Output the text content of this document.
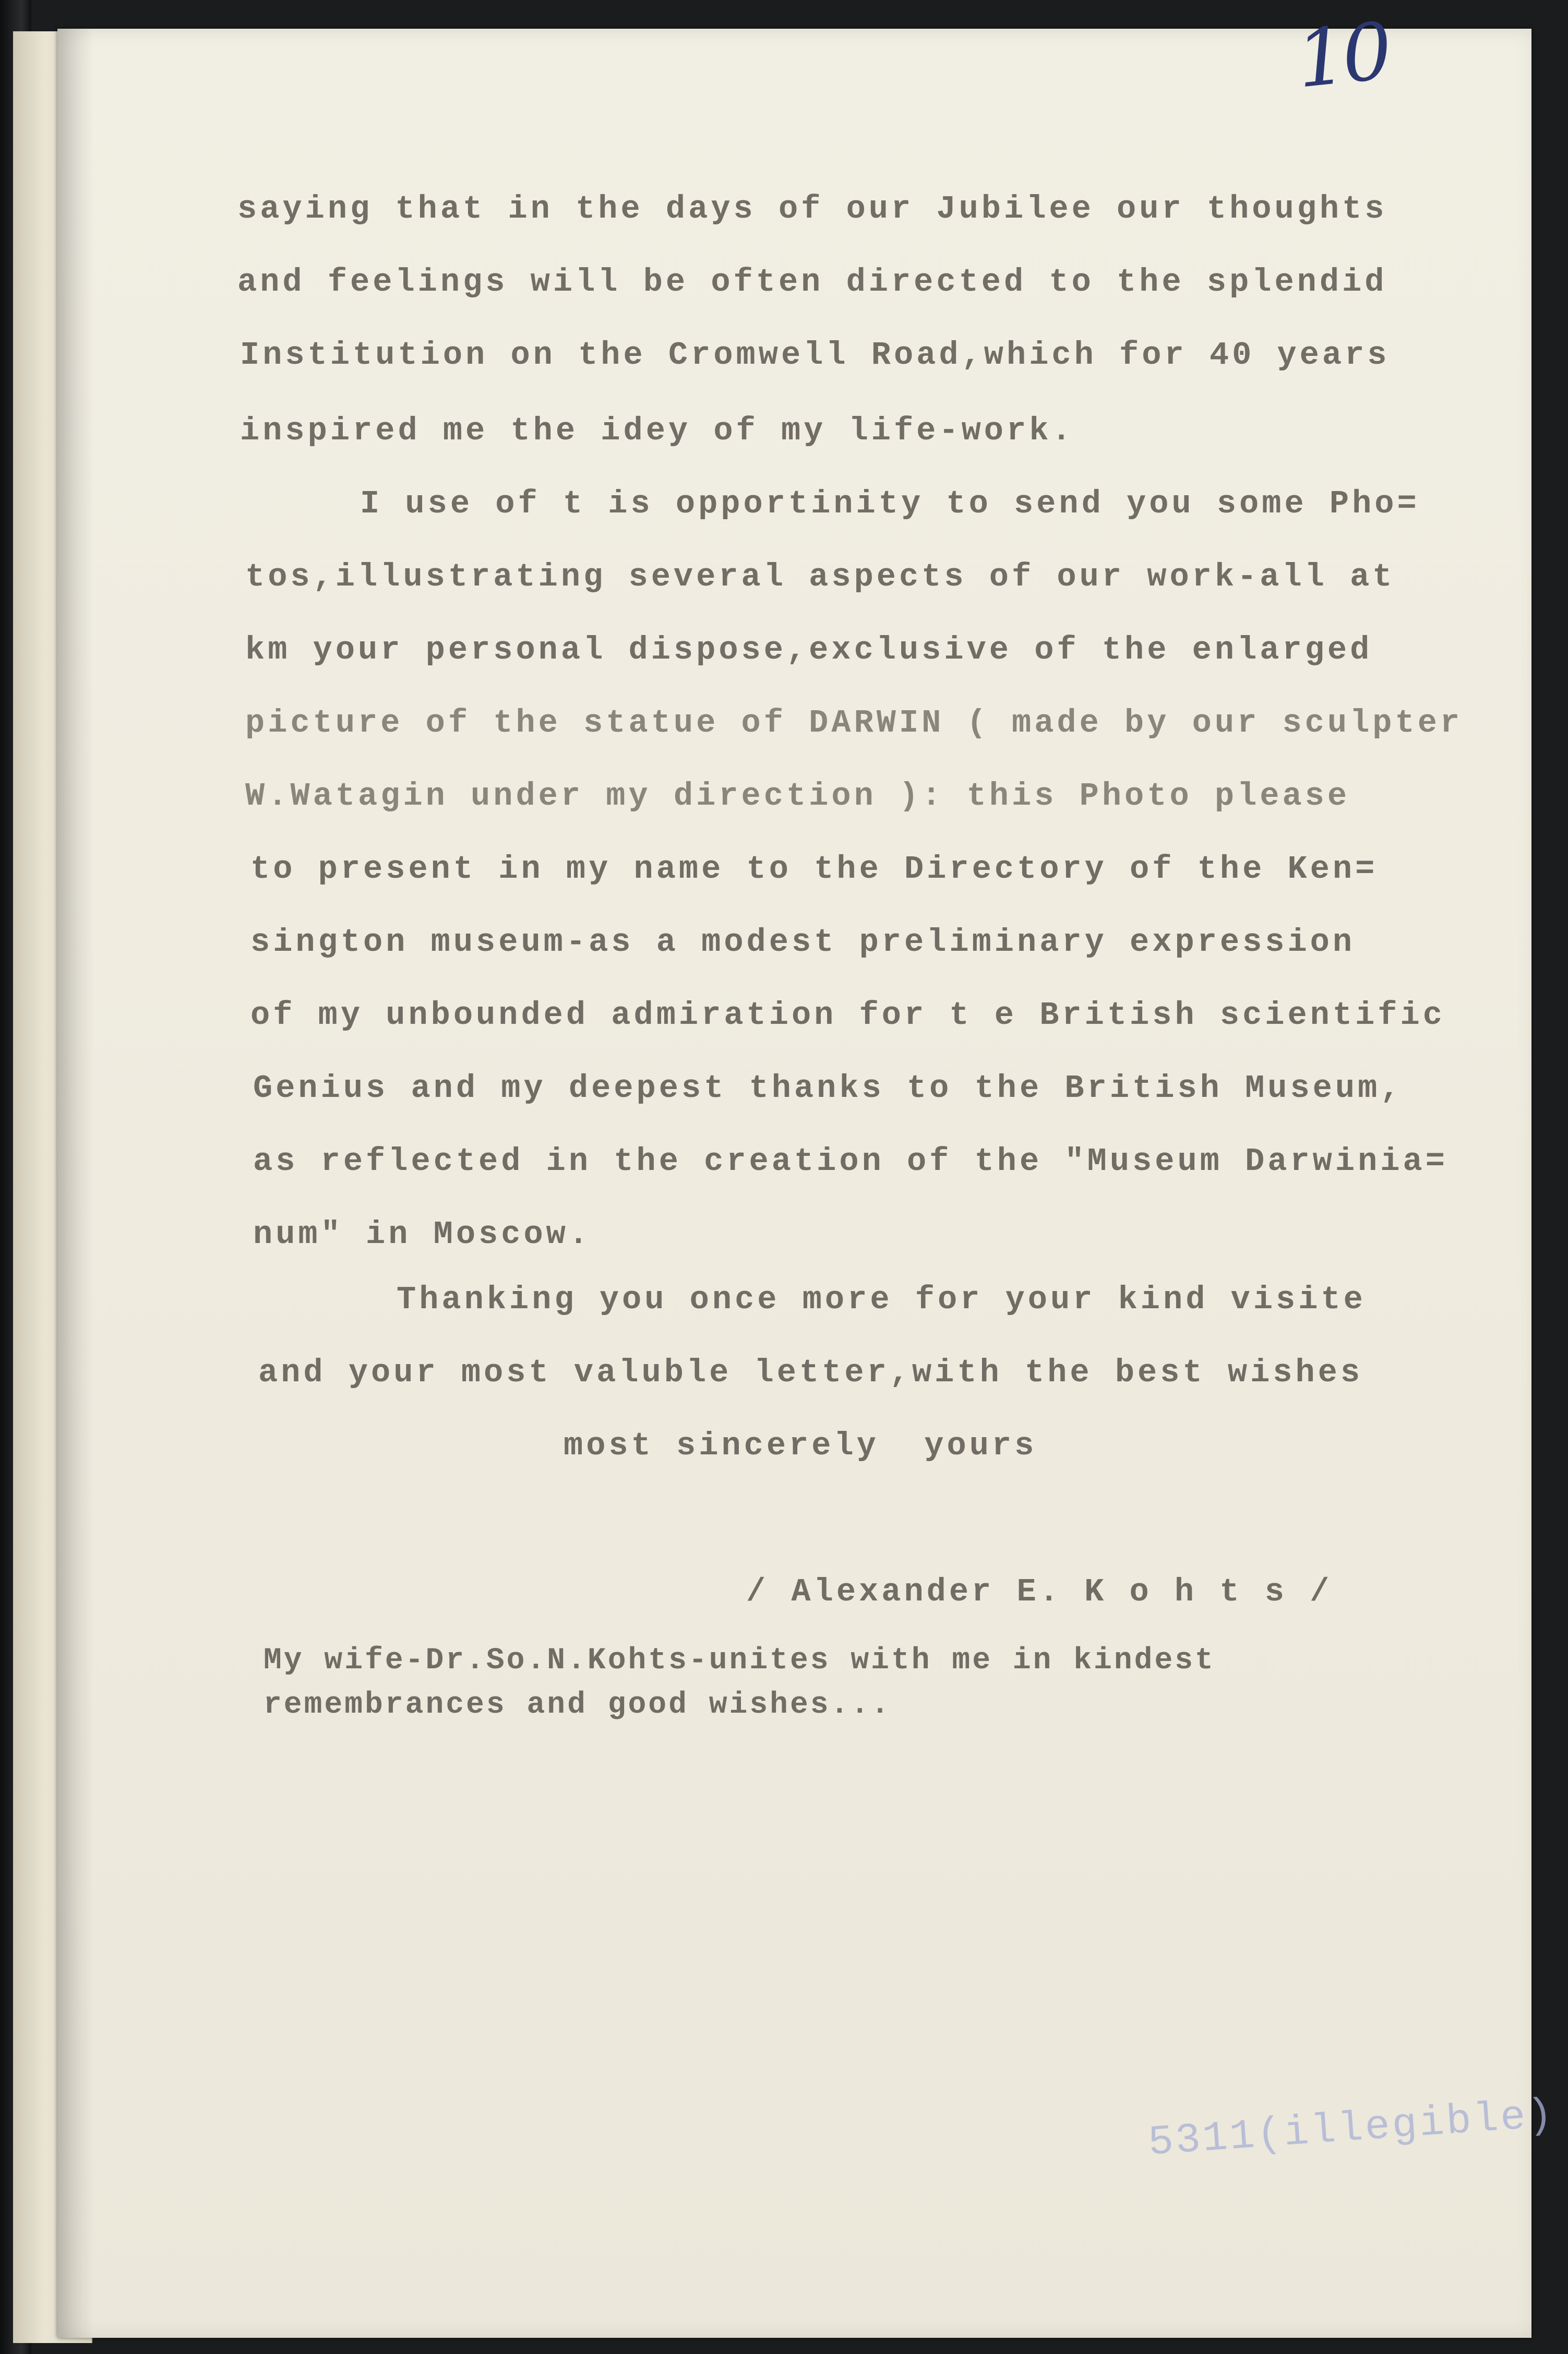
10
saying that in the days of our Jubilee our thoughts
and feelings will be often directed to the splendid
Institution on the Cromwell Road,which for 40 years
inspired me the idey of my life-work.
I use of t is opportinity to send you some Pho=
tos,illustrating several aspects of our work-all at
km your personal dispose,exclusive of the enlarged
picture of the statue of DARWIN ( made by our sculpter
W.Watagin under my direction ): this Photo please
to present in my name to the Directory of the Ken=
sington museum-as a modest preliminary expression
of my unbounded admiration for t e British scientific
Genius and my deepest thanks to the British Museum,
as reflected in the creation of the "Museum Darwinia=
num" in Moscow.
Thanking you once more for your kind visite
and your most valuble letter,with the best wishes
most sincerely  yours
/ Alexander E. K o h t s /
My wife-Dr.So.N.Kohts-unites with me in kindest
remembrances and good wishes...
5311(illegible)
